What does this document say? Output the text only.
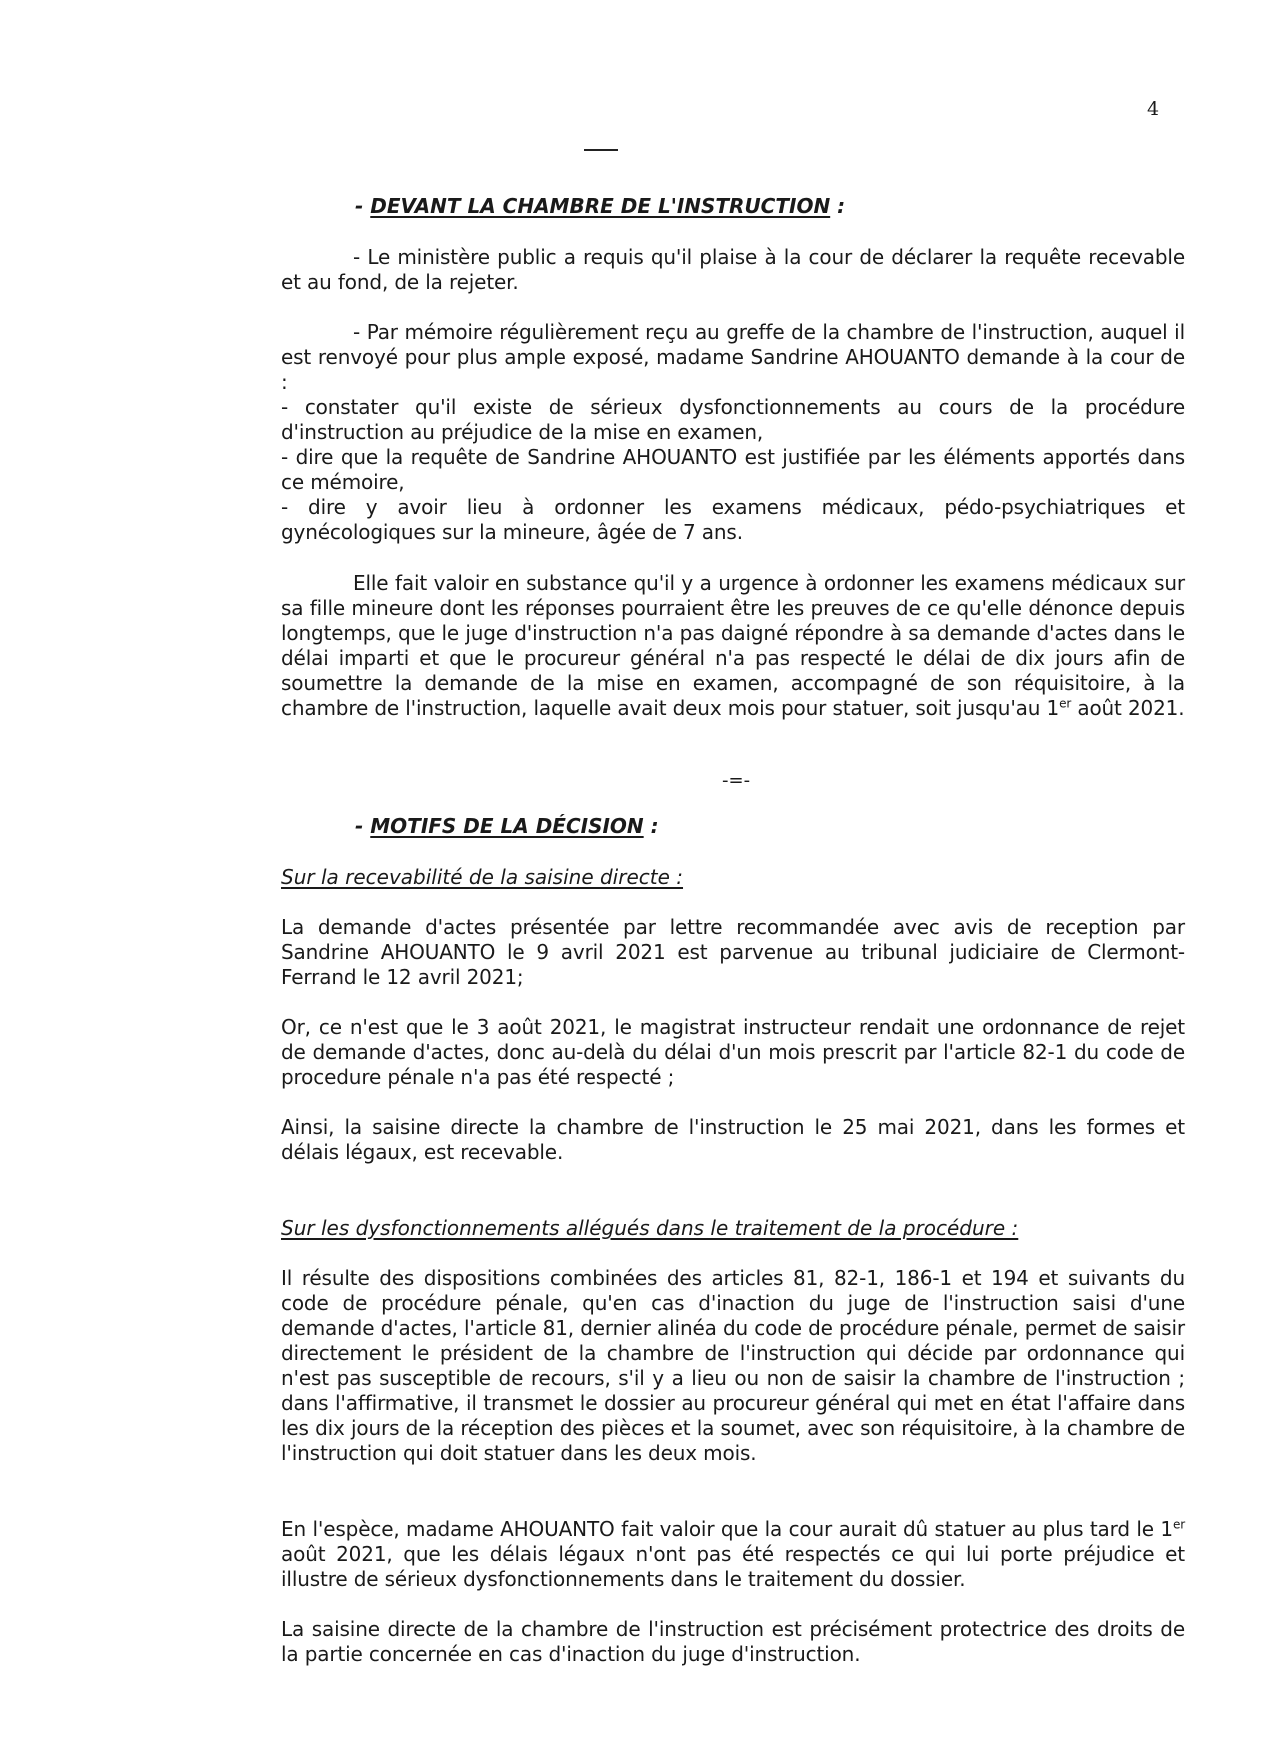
4
- DEVANT LA CHAMBRE DE L'INSTRUCTION :
- Le ministère public a requis qu'il plaise à la cour de déclarer la requête recevable et au fond, de la rejeter.
- Par mémoire régulièrement reçu au greffe de la chambre de l'instruction, auquel il est renvoyé pour plus ample exposé, madame Sandrine AHOUANTO demande à la cour de :
- constater qu'il existe de sérieux dysfonctionnements au cours de la procédure d'instruction au préjudice de la mise en examen,
- dire que la requête de Sandrine AHOUANTO est justifiée par les éléments apportés dans ce mémoire,
- dire y avoir lieu à ordonner les examens médicaux, pédo-psychiatriques et gynécologiques sur la mineure, âgée de 7 ans.
Elle fait valoir en substance qu'il y a urgence à ordonner les examens médicaux sur sa fille mineure dont les réponses pourraient être les preuves de ce qu'elle dénonce depuis longtemps, que le juge d'instruction n'a pas daigné répondre à sa demande d'actes dans le délai imparti et que le procureur général n'a pas respecté le délai de dix jours afin de soumettre la demande de la mise en examen, accompagné de son réquisitoire, à la chambre de l'instruction, laquelle avait deux mois pour statuer, soit jusqu'au 1er août 2021.
-=-
- MOTIFS DE LA DÉCISION :
Sur la recevabilité de la saisine directe :
La demande d'actes présentée par lettre recommandée avec avis de reception par Sandrine AHOUANTO le 9 avril 2021 est parvenue au tribunal judiciaire de Clermont-Ferrand le 12 avril 2021;
Or, ce n'est que le 3 août 2021, le magistrat instructeur rendait une ordonnance de rejet de demande d'actes, donc au-delà du délai d'un mois prescrit par l'article 82-1 du code de procedure pénale n'a pas été respecté ;
Ainsi, la saisine directe la chambre de l'instruction le 25 mai 2021, dans les formes et délais légaux, est recevable.
Sur les dysfonctionnements allégués dans le traitement de la procédure :
Il résulte des dispositions combinées des articles 81, 82-1, 186-1 et 194 et suivants du code de procédure pénale, qu'en cas d'inaction du juge de l'instruction saisi d'une demande d'actes, l'article 81, dernier alinéa du code de procédure pénale, permet de saisir directement le président de la chambre de l'instruction qui décide par ordonnance qui n'est pas susceptible de recours, s'il y a lieu ou non de saisir la chambre de l'instruction ; dans l'affirmative, il transmet le dossier au procureur général qui met en état l'affaire dans les dix jours de la réception des pièces et la soumet, avec son réquisitoire, à la chambre de l'instruction qui doit statuer dans les deux mois.
En l'espèce, madame AHOUANTO fait valoir que la cour aurait dû statuer au plus tard le 1er août 2021, que les délais légaux n'ont pas été respectés ce qui lui porte préjudice et illustre de sérieux dysfonctionnements dans le traitement du dossier.
La saisine directe de la chambre de l'instruction est précisément protectrice des droits de la partie concernée en cas d'inaction du juge d'instruction.
